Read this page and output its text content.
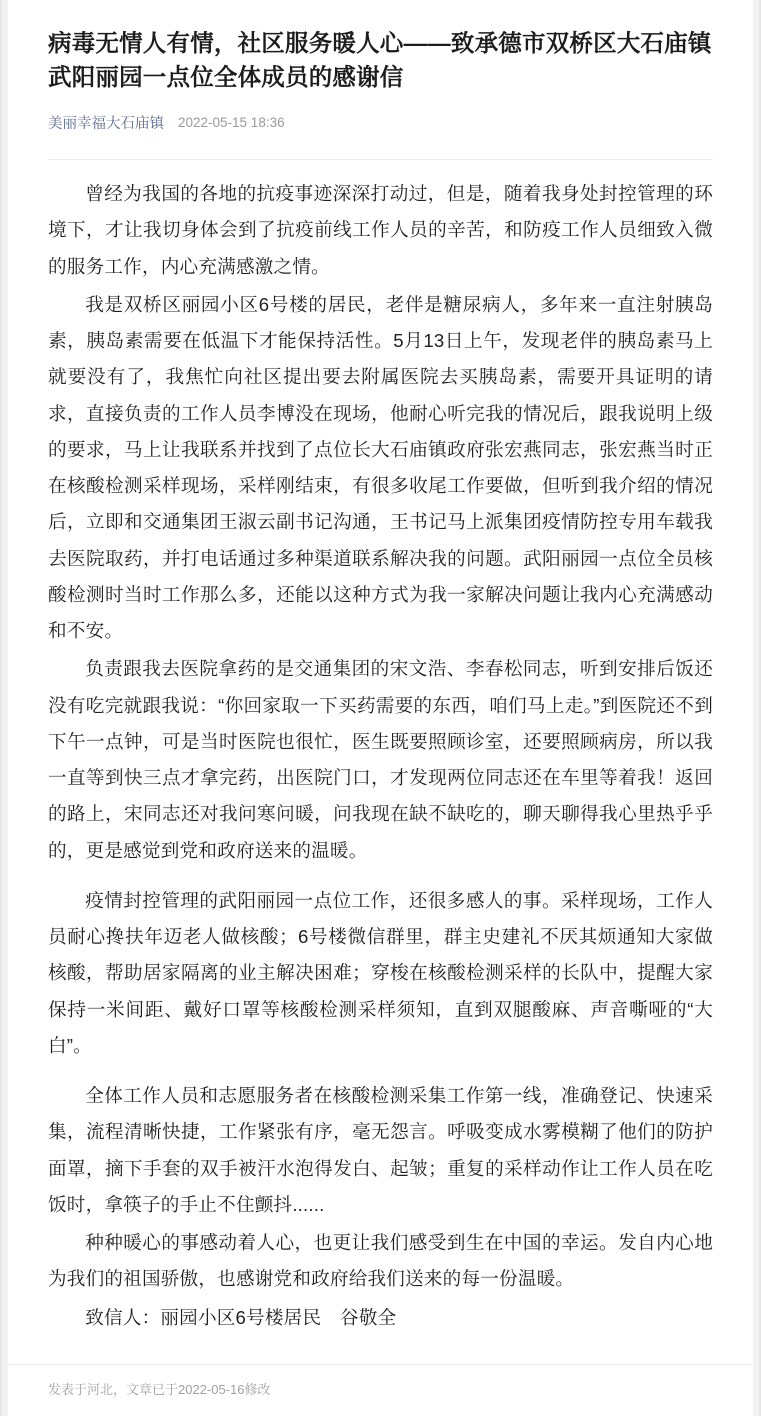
病毒无情人有情，社区服务暖人心——致承德市双桥区大石庙镇武阳丽园一点位全体成员的感谢信
美丽幸福大石庙镇 2022-05-15 18:36

曾经为我国的各地的抗疫事迹深深打动过，但是，随着我身处封控管理的环境下，才让我切身体会到了抗疫前线工作人员的辛苦，和防疫工作人员细致入微的服务工作，内心充满感激之情。

我是双桥区丽园小区6号楼的居民，老伴是糖尿病人，多年来一直注射胰岛素，胰岛素需要在低温下才能保持活性。5月13日上午，发现老伴的胰岛素马上就要没有了，我焦忙向社区提出要去附属医院去买胰岛素，需要开具证明的请求，直接负责的工作人员李博没在现场，他耐心听完我的情况后，跟我说明上级的要求，马上让我联系并找到了点位长大石庙镇政府张宏燕同志，张宏燕当时正在核酸检测采样现场，采样刚结束，有很多收尾工作要做，但听到我介绍的情况后，立即和交通集团王淑云副书记沟通，王书记马上派集团疫情防控专用车载我去医院取药，并打电话通过多种渠道联系解决我的问题。武阳丽园一点位全员核酸检测时当时工作那么多，还能以这种方式为我一家解决问题让我内心充满感动和不安。

负责跟我去医院拿药的是交通集团的宋文浩、李春松同志，听到安排后饭还没有吃完就跟我说：“你回家取一下买药需要的东西，咱们马上走。”到医院还不到下午一点钟，可是当时医院也很忙，医生既要照顾诊室，还要照顾病房，所以我一直等到快三点才拿完药，出医院门口，才发现两位同志还在车里等着我！返回的路上，宋同志还对我问寒问暖，问我现在缺不缺吃的，聊天聊得我心里热乎乎的，更是感觉到党和政府送来的温暖。

疫情封控管理的武阳丽园一点位工作，还很多感人的事。采样现场，工作人员耐心搀扶年迈老人做核酸；6号楼微信群里，群主史建礼不厌其烦通知大家做核酸，帮助居家隔离的业主解决困难；穿梭在核酸检测采样的长队中，提醒大家保持一米间距、戴好口罩等核酸检测采样须知，直到双腿酸麻、声音嘶哑的“大白”。

全体工作人员和志愿服务者在核酸检测采集工作第一线，准确登记、快速采集，流程清晰快捷，工作紧张有序，毫无怨言。呼吸变成水雾模糊了他们的防护面罩，摘下手套的双手被汗水泡得发白、起皱；重复的采样动作让工作人员在吃饭时，拿筷子的手止不住颤抖......

种种暖心的事感动着人心，也更让我们感受到生在中国的幸运。发自内心地为我们的祖国骄傲，也感谢党和政府给我们送来的每一份温暖。

致信人：丽园小区6号楼居民　谷敬全

发表于河北，文章已于2022-05-16修改
